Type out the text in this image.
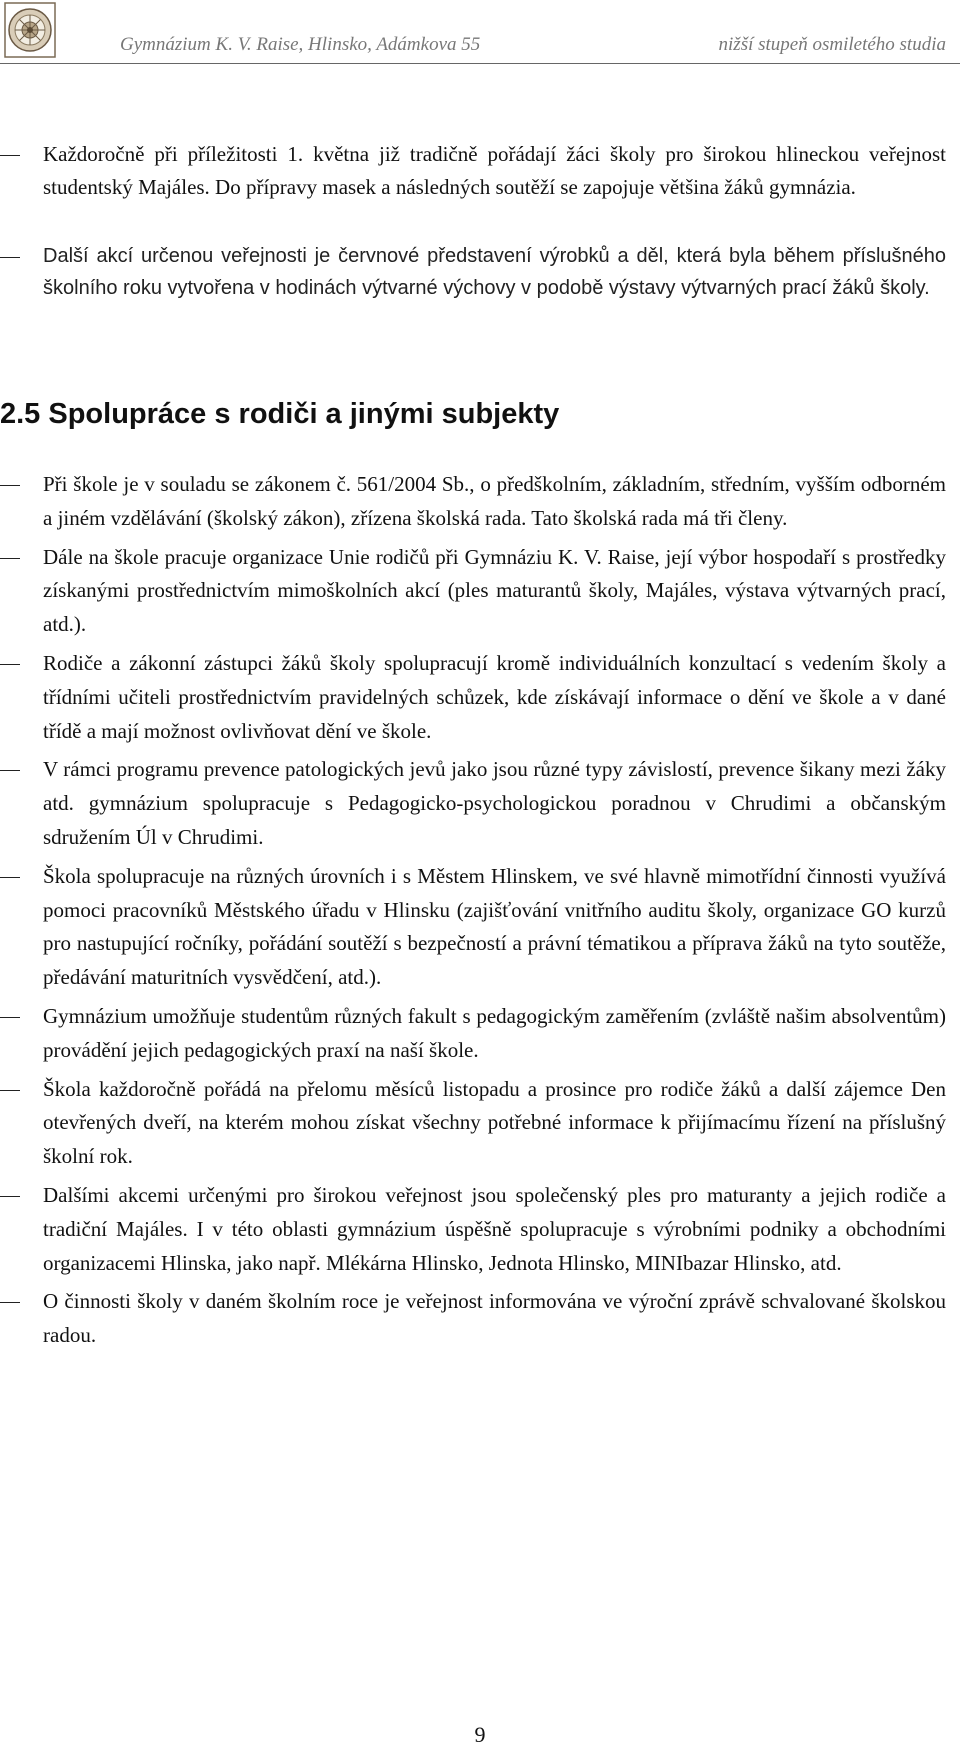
Gymnázium K. V. Raise, Hlinsko, Adámkova 55	nižší stupeň osmiletého studia
Každoročně při příležitosti 1. května již tradičně pořádají žáci školy pro širokou hlineckou veřejnost studentský Majáles. Do přípravy masek a následných soutěží se zapojuje většina žáků gymnázia.
Další akcí určenou veřejnosti je červnové představení výrobků a děl, která byla během příslušného školního roku vytvořena v hodinách výtvarné výchovy v podobě výstavy výtvarných prací žáků školy.
2.5 Spolupráce s rodiči a jinými subjekty
Při škole je v souladu se zákonem č. 561/2004 Sb., o předškolním, základním, středním, vyšším odborném a jiném vzdělávání (školský zákon), zřízena školská rada. Tato školská rada má tři členy.
Dále na škole pracuje organizace Unie rodičů při Gymnáziu K. V. Raise, její výbor hospodaří s prostředky získanými prostřednictvím mimoškolních akcí (ples maturantů školy, Majáles, výstava výtvarných prací, atd.).
Rodiče a zákonní zástupci žáků školy spolupracují kromě individuálních konzultací s vedením školy a třídními učiteli prostřednictvím pravidelných schůzek, kde získávají informace o dění ve škole a v dané třídě a mají možnost ovlivňovat dění ve škole.
V rámci programu prevence patologických jevů jako jsou různé typy závislostí, prevence šikany mezi žáky atd. gymnázium spolupracuje s Pedagogicko-psychologickou poradnou v Chrudimi a občanským sdružením Úl v Chrudimi.
Škola spolupracuje na různých úrovních i s Městem Hlinskem, ve své hlavně mimotřídní činnosti využívá pomoci pracovníků Městského úřadu v Hlinsku (zajišťování vnitřního auditu školy, organizace GO kurzů pro nastupující ročníky, pořádání soutěží s bezpečností a právní tématikou a příprava žáků na tyto soutěže, předávání maturitních vysvědčení, atd.).
Gymnázium umožňuje studentům různých fakult s pedagogickým zaměřením (zvláště našim absolventům) provádění jejich pedagogických praxí na naší škole.
Škola každoročně pořádá na přelomu měsíců listopadu a prosince pro rodiče žáků a další zájemce Den otevřených dveří, na kterém mohou získat všechny potřebné informace k přijímacímu řízení na příslušný školní rok.
Dalšími akcemi určenými pro širokou veřejnost jsou společenský ples pro maturanty a jejich rodiče a tradiční Majáles. I v této oblasti gymnázium úspěšně spolupracuje s výrobními podniky a obchodními organizacemi Hlinska, jako např. Mlékárna Hlinsko, Jednota Hlinsko, MINIbazar Hlinsko, atd.
O činnosti školy v daném školním roce je veřejnost informována ve výroční zprávě schvalované školskou radou.
9
